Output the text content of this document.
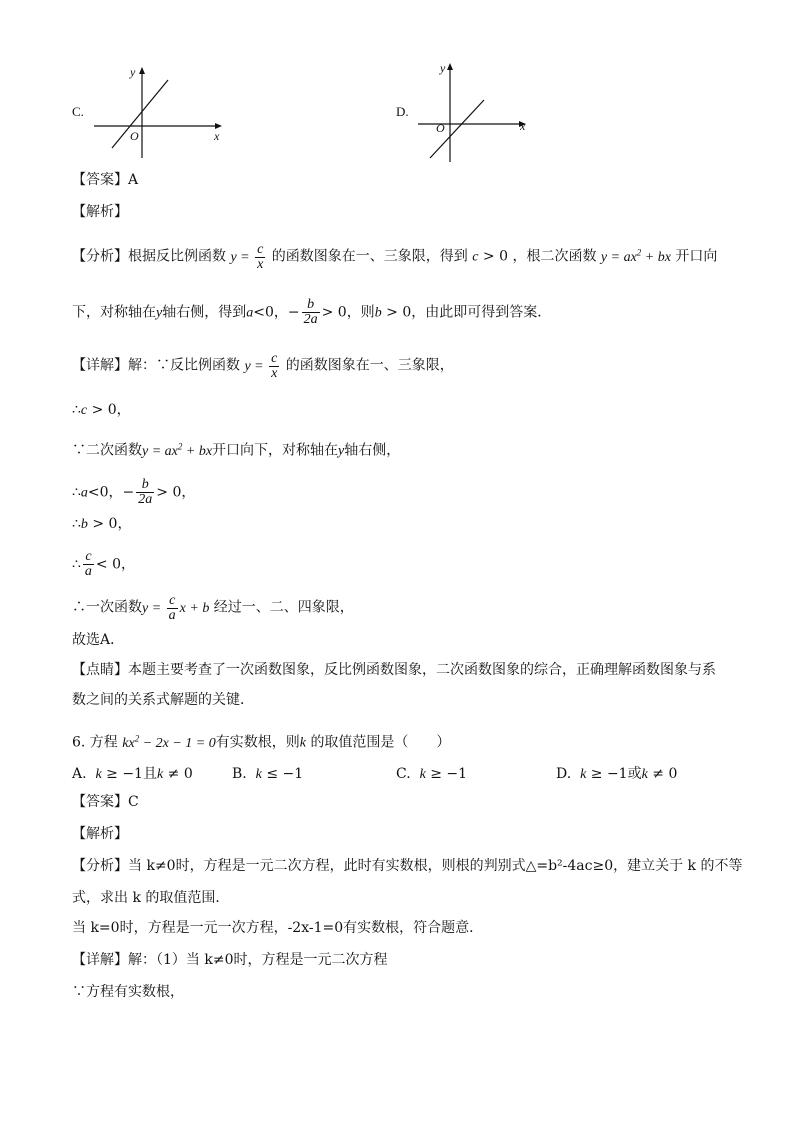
C.
x
y
O
D.
x
y
O
【答案】A
【解析】
【分析】根据反比例函数 $y = \frac{c}{x}$ 的函数图象在一、三象限，得到 c > 0 ，根二次函数 $y = ax^2$ + bx 开口向
下，对称轴在y轴右侧，得到a<0，− $\frac{b}{2a} > 0$，则b > 0，由此即可得到答案．
【详解】解：∵反比例函数 $y = \frac{c}{x}$ 的函数图象在一、三象限，
∴c > 0，
∵二次函数$y = ax^2$ + bx开口向下，对称轴在y轴右侧，
∴a<0，− $\frac{b}{2a} > 0$，
∴b > 0，
∴ $\frac{c}{a} < 0$，
∴一次函数$y = \frac{c}{a}$ x + b 经过一、二、四象限，
故选A．
【点睛】本题主要考查了一次函数图象，反比例函数图象，二次函数图象的综合，正确理解函数图象与系
数之间的关系式解题的关键．
6. 方程 $kx^2 - 2x - 1 = 0$有实数根，则k 的取值范围是（　　）
A. k ≥ −1且k ≠ 0	B. k ≤ −1	C. k ≥ −1	D. k ≥ −1或k ≠ 0
【答案】C
【解析】
【分析】当 k≠0时，方程是一元二次方程，此时有实数根，则根的判别式△=b²-4ac≥0，建立关于 k 的不等
式，求出 k 的取值范围．
当 k=0时，方程是一元一次方程，-2x-1=0有实数根，符合题意．
【详解】解：（1）当 k≠0时，方程是一元二次方程
∵方程有实数根，
